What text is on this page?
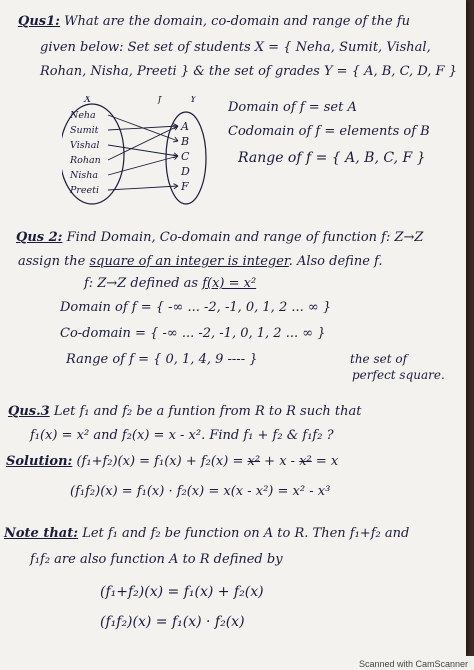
Qus1: What are the domain, co-domain and range of the fu
given below: Set set of students X = { Neha, Sumit, Vishal,
Rohan, Nisha, Preeti } & the set of grades Y = { A, B, C, D, F }
X	f	Y
Neha
Sumit
Vishal
Rohan
Nisha
Preeti
A
B
C
D
F
Domain of f = set A
Codomain of f = elements of B
Range of f = { A, B, C, F }
Qus 2: Find Domain, Co-domain and range of function f: Z→Z
assign the square of an integer is integer. Also define f.
f: Z→Z defined as f(x) = x²
Domain of f = { -∞ ... -2, -1, 0, 1, 2 ... ∞ }
Co-domain = { -∞ ... -2, -1, 0, 1, 2 ... ∞ }
Range of f = { 0, 1, 4, 9 ---- }	the set of
perfect square.
Qus.3 Let f₁ and f₂ be a funtion from R to R such that
f₁(x) = x² and f₂(x) = x - x². Find f₁ + f₂ & f₁f₂ ?
Solution: (f₁+f₂)(x) = f₁(x) + f₂(x) = x² + x - x² = x
(f₁f₂)(x) = f₁(x) · f₂(x) = x(x - x²) = x² - x³
Note that: Let f₁ and f₂ be function on A to R. Then f₁+f₂ and
f₁f₂ are also function A to R defined by
(f₁+f₂)(x) = f₁(x) + f₂(x)
(f₁f₂)(x) = f₁(x) · f₂(x)
Scanned with CamScanner
